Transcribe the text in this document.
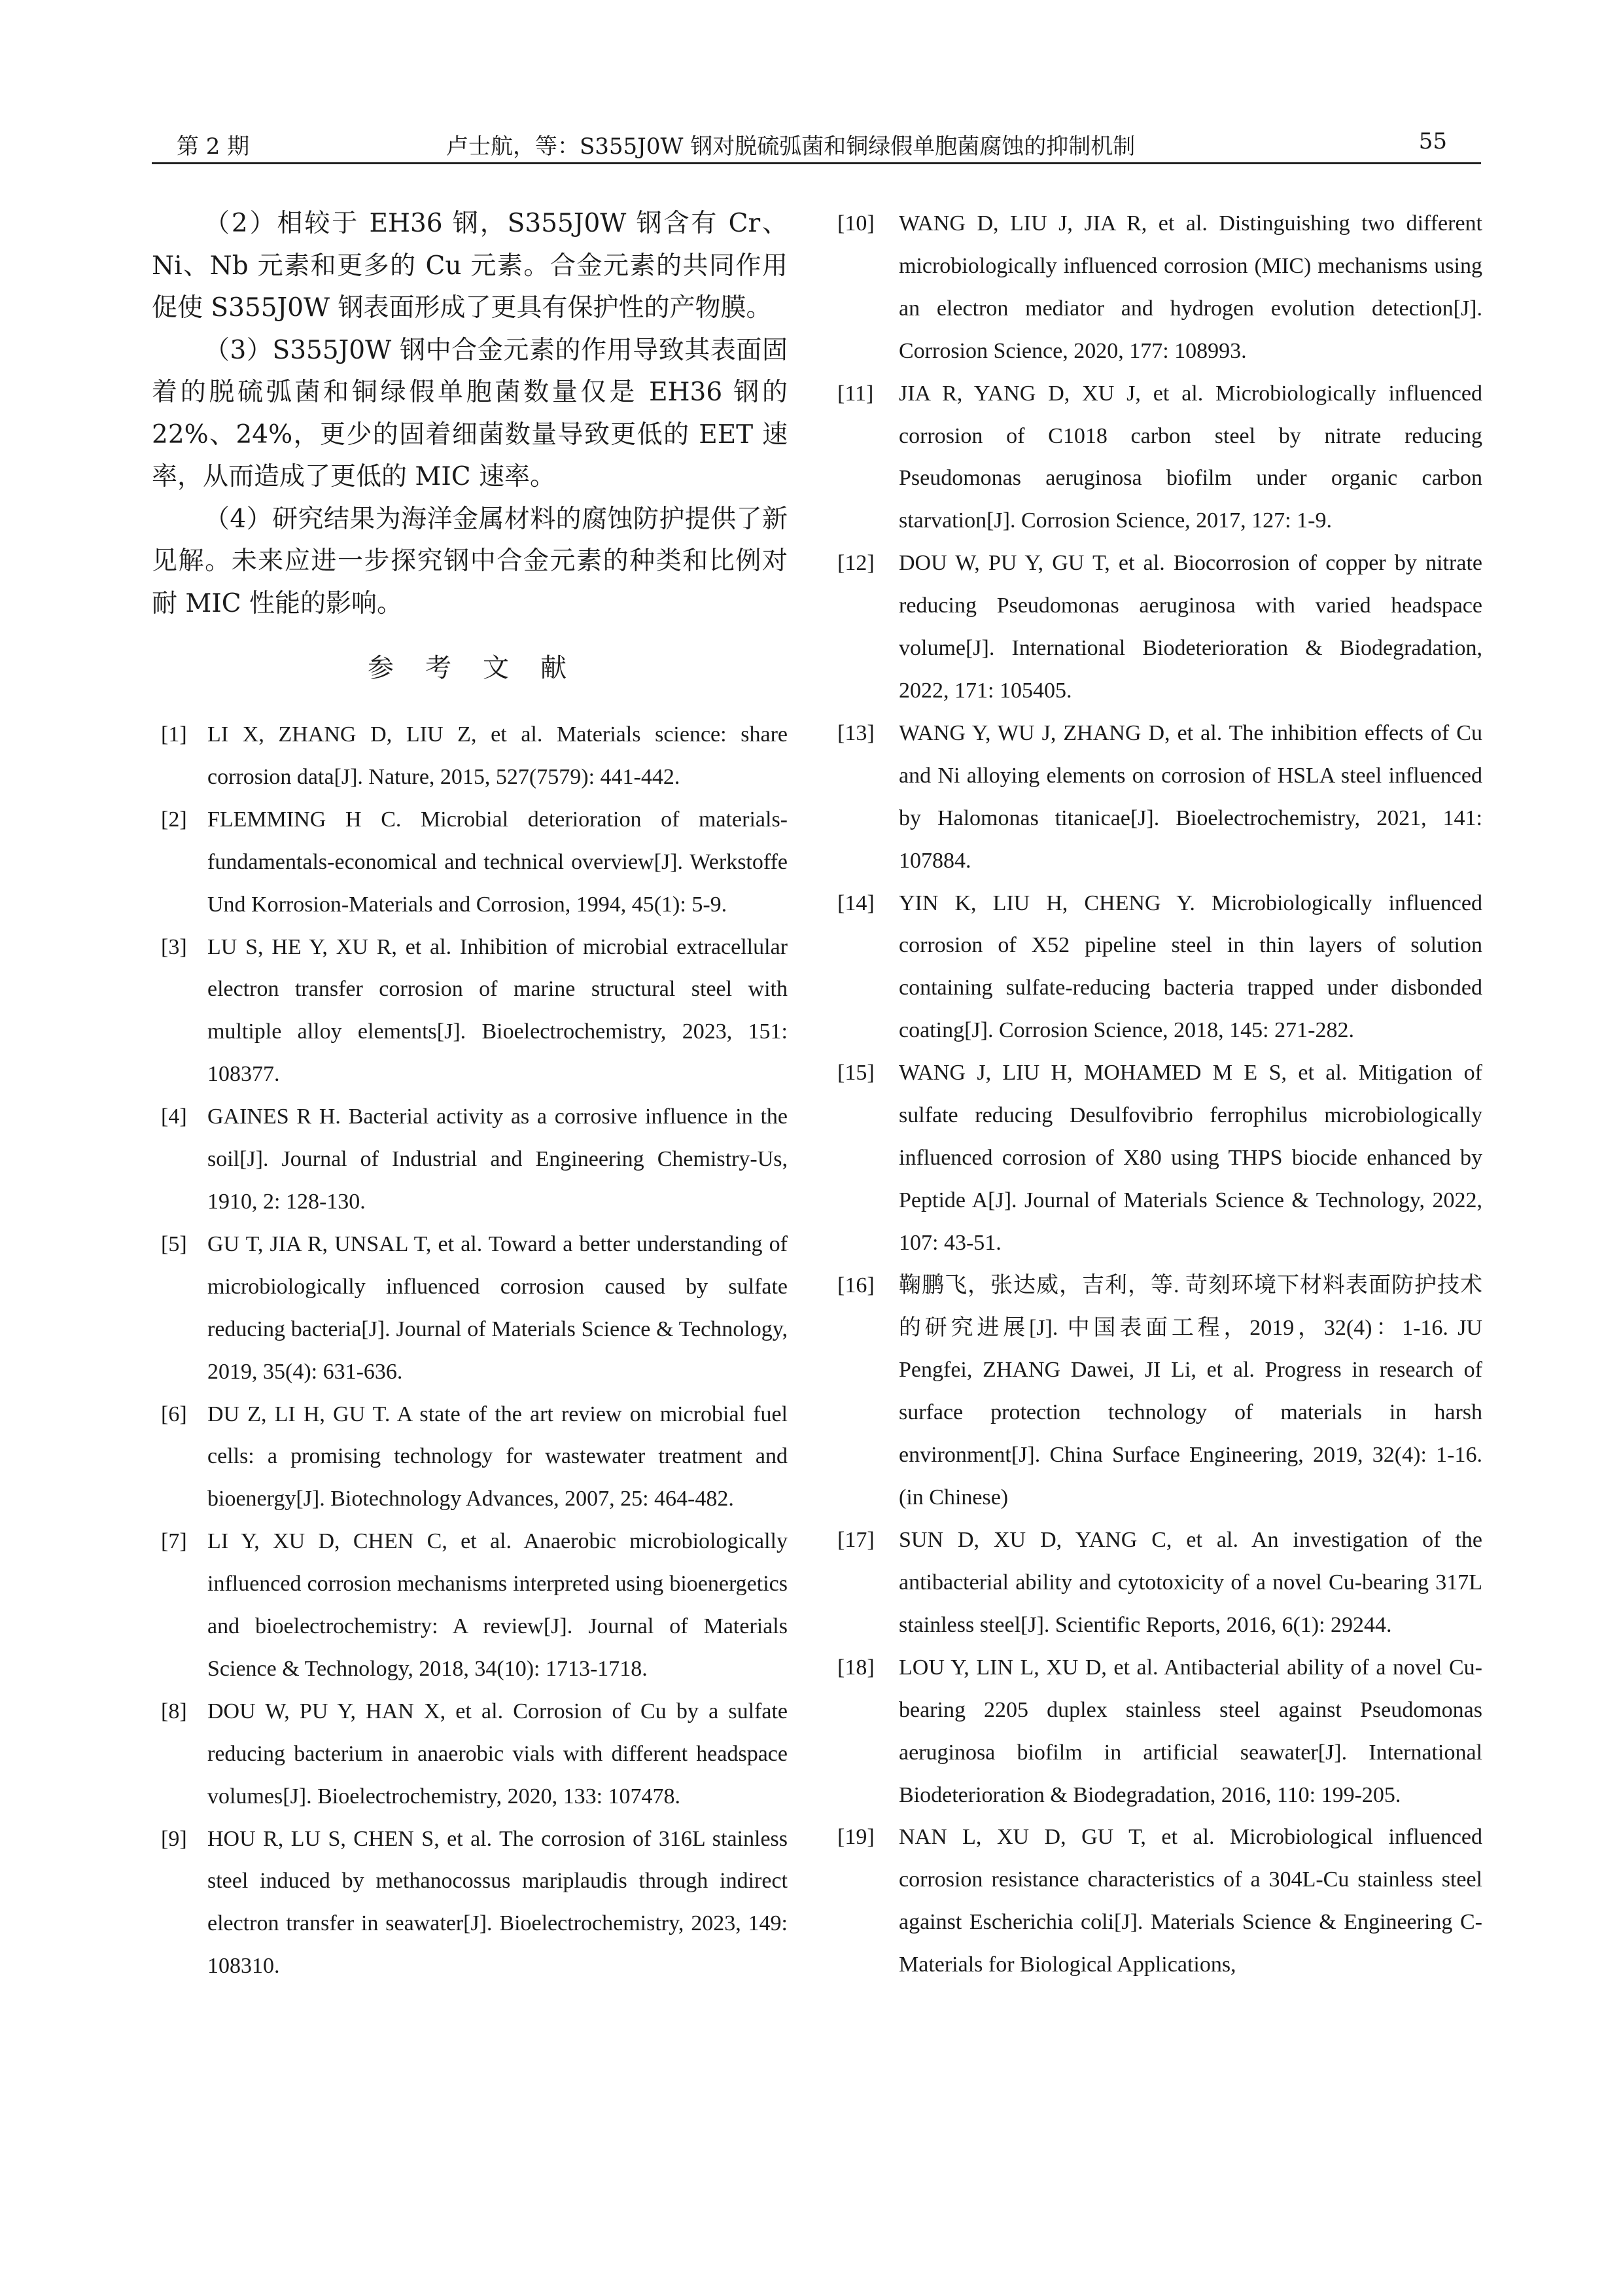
第 2 期	卢士航，等：S355J0W 钢对脱硫弧菌和铜绿假单胞菌腐蚀的抑制机制	55

（2）相较于 EH36 钢，S355J0W 钢含有 Cr、Ni、Nb 元素和更多的 Cu 元素。合金元素的共同作用促使 S355J0W 钢表面形成了更具有保护性的产物膜。

（3）S355J0W 钢中合金元素的作用导致其表面固着的脱硫弧菌和铜绿假单胞菌数量仅是 EH36 钢的 22%、24%，更少的固着细菌数量导致更低的 EET 速率，从而造成了更低的 MIC 速率。

（4）研究结果为海洋金属材料的腐蚀防护提供了新见解。未来应进一步探究钢中合金元素的种类和比例对耐 MIC 性能的影响。

参考文献
[1] LI X, ZHANG D, LIU Z, et al. Materials science: share corrosion data[J]. Nature, 2015, 527(7579): 441-442.
[2] FLEMMING H C. Microbial deterioration of materials-fundamentals-economical and technical overview[J]. Werkstoffe Und Korrosion-Materials and Corrosion, 1994, 45(1): 5-9.
[3] LU S, HE Y, XU R, et al. Inhibition of microbial extracellular electron transfer corrosion of marine structural steel with multiple alloy elements[J]. Bioelectrochemistry, 2023, 151: 108377.
[4] GAINES R H. Bacterial activity as a corrosive influence in the soil[J]. Journal of Industrial and Engineering Chemistry-Us, 1910, 2: 128-130.
[5] GU T, JIA R, UNSAL T, et al. Toward a better understanding of microbiologically influenced corrosion caused by sulfate reducing bacteria[J]. Journal of Materials Science & Technology, 2019, 35(4): 631-636.
[6] DU Z, LI H, GU T. A state of the art review on microbial fuel cells: a promising technology for wastewater treatment and bioenergy[J]. Biotechnology Advances, 2007, 25: 464-482.
[7] LI Y, XU D, CHEN C, et al. Anaerobic microbiologically influenced corrosion mechanisms interpreted using bioenergetics and bioelectrochemistry: A review[J]. Journal of Materials Science & Technology, 2018, 34(10): 1713-1718.
[8] DOU W, PU Y, HAN X, et al. Corrosion of Cu by a sulfate reducing bacterium in anaerobic vials with different headspace volumes[J]. Bioelectrochemistry, 2020, 133: 107478.
[9] HOU R, LU S, CHEN S, et al. The corrosion of 316L stainless steel induced by methanocossus mariplaudis through indirect electron transfer in seawater[J]. Bioelectrochemistry, 2023, 149: 108310.
[10] WANG D, LIU J, JIA R, et al. Distinguishing two different microbiologically influenced corrosion (MIC) mechanisms using an electron mediator and hydrogen evolution detection[J]. Corrosion Science, 2020, 177: 108993.
[11] JIA R, YANG D, XU J, et al. Microbiologically influenced corrosion of C1018 carbon steel by nitrate reducing Pseudomonas aeruginosa biofilm under organic carbon starvation[J]. Corrosion Science, 2017, 127: 1-9.
[12] DOU W, PU Y, GU T, et al. Biocorrosion of copper by nitrate reducing Pseudomonas aeruginosa with varied headspace volume[J]. International Biodeterioration & Biodegradation, 2022, 171: 105405.
[13] WANG Y, WU J, ZHANG D, et al. The inhibition effects of Cu and Ni alloying elements on corrosion of HSLA steel influenced by Halomonas titanicae[J]. Bioelectrochemistry, 2021, 141: 107884.
[14] YIN K, LIU H, CHENG Y. Microbiologically influenced corrosion of X52 pipeline steel in thin layers of solution containing sulfate-reducing bacteria trapped under disbonded coating[J]. Corrosion Science, 2018, 145: 271-282.
[15] WANG J, LIU H, MOHAMED M E S, et al. Mitigation of sulfate reducing Desulfovibrio ferrophilus microbiologically influenced corrosion of X80 using THPS biocide enhanced by Peptide A[J]. Journal of Materials Science & Technology, 2022, 107: 43-51.
[16] 鞠鹏飞，张达威，吉利，等. 苛刻环境下材料表面防护技术的研究进展[J]. 中国表面工程，2019，32(4)：1-16. JU Pengfei, ZHANG Dawei, JI Li, et al. Progress in research of surface protection technology of materials in harsh environment[J]. China Surface Engineering, 2019, 32(4): 1-16. (in Chinese)
[17] SUN D, XU D, YANG C, et al. An investigation of the antibacterial ability and cytotoxicity of a novel Cu-bearing 317L stainless steel[J]. Scientific Reports, 2016, 6(1): 29244.
[18] LOU Y, LIN L, XU D, et al. Antibacterial ability of a novel Cu-bearing 2205 duplex stainless steel against Pseudomonas aeruginosa biofilm in artificial seawater[J]. International Biodeterioration & Biodegradation, 2016, 110: 199-205.
[19] NAN L, XU D, GU T, et al. Microbiological influenced corrosion resistance characteristics of a 304L-Cu stainless steel against Escherichia coli[J]. Materials Science & Engineering C-Materials for Biological Applications,
